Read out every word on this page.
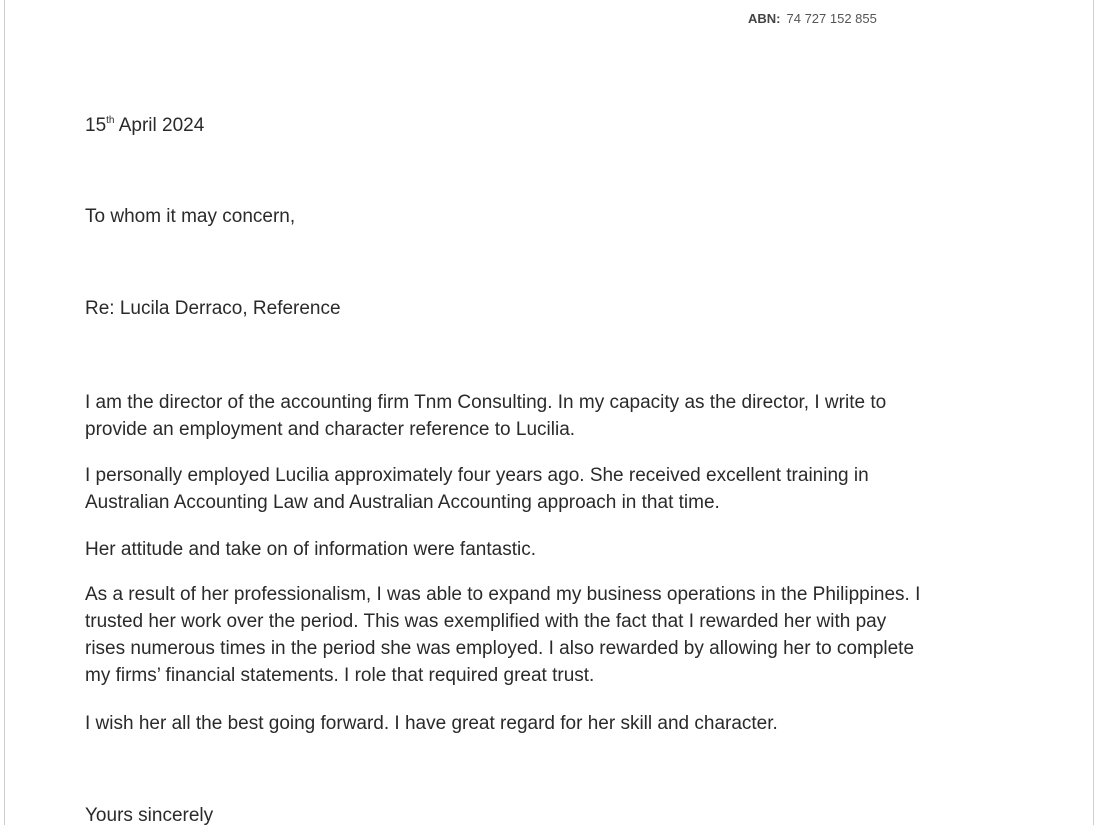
ABN: 74 727 152 855
15th April 2024
To whom it may concern,
Re: Lucila Derraco, Reference
I am the director of the accounting firm Tnm Consulting. In my capacity as the director, I write to
provide an employment and character reference to Lucilia.
I personally employed Lucilia approximately four years ago. She received excellent training in
Australian Accounting Law and Australian Accounting approach in that time.
Her attitude and take on of information were fantastic.
As a result of her professionalism, I was able to expand my business operations in the Philippines. I
trusted her work over the period. This was exemplified with the fact that I rewarded her with pay
rises numerous times in the period she was employed. I also rewarded by allowing her to complete
my firms’ financial statements. I role that required great trust.
I wish her all the best going forward. I have great regard for her skill and character.
Yours sincerely
